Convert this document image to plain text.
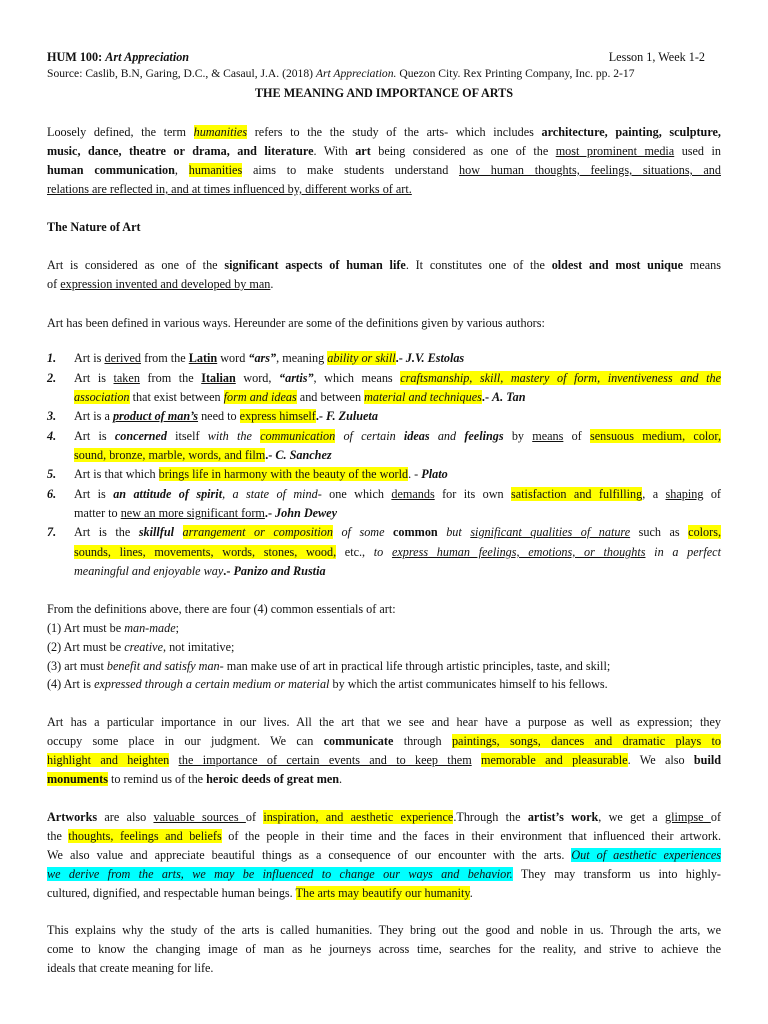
HUM 100: Art Appreciation	Lesson 1, Week 1-2
Source: Caslib, B.N, Garing, D.C., & Casaul, J.A. (2018) Art Appreciation. Quezon City. Rex Printing Company, Inc. pp. 2-17
THE MEANING AND IMPORTANCE OF ARTS
Loosely defined, the term humanities refers to the the study of the arts- which includes architecture, painting, sculpture,
music, dance, theatre or drama, and literature. With art being considered as one of the most prominent media used in
human communication, humanities aims to make students understand how human thoughts, feelings, situations, and
relations are reflected in, and at times influenced by, different works of art.
The Nature of Art
Art is considered as one of the significant aspects of human life. It constitutes one of the oldest and most unique means
of expression invented and developed by man.
Art has been defined in various ways. Hereunder are some of the definitions given by various authors:
1. Art is derived from the Latin word “ars”, meaning ability or skill.- J.V. Estolas
2. Art is taken from the Italian word, “artis”, which means craftsmanship, skill, mastery of form, inventiveness and the
association that exist between form and ideas and between material and techniques.- A. Tan
3. Art is a product of man’s need to express himself.- F. Zulueta
4. Art is concerned itself with the communication of certain ideas and feelings by means of sensuous medium, color,
sound, bronze, marble, words, and film.- C. Sanchez
5. Art is that which brings life in harmony with the beauty of the world. - Plato
6. Art is an attitude of spirit, a state of mind- one which demands for its own satisfaction and fulfilling, a shaping of
matter to new an more significant form.- John Dewey
7. Art is the skillful arrangement or composition of some common but significant qualities of nature such as colors,
sounds, lines, movements, words, stones, wood, etc., to express human feelings, emotions, or thoughts in a perfect
meaningful and enjoyable way.- Panizo and Rustia
From the definitions above, there are four (4) common essentials of art:
(1) Art must be man-made;
(2) Art must be creative, not imitative;
(3) art must benefit and satisfy man- man make use of art in practical life through artistic principles, taste, and skill;
(4) Art is expressed through a certain medium or material by which the artist communicates himself to his fellows.
Art has a particular importance in our lives. All the art that we see and hear have a purpose as well as expression; they
occupy some place in our judgment. We can communicate through paintings, songs, dances and dramatic plays to
highlight and heighten the importance of certain events and to keep them memorable and pleasurable. We also build
monuments to remind us of the heroic deeds of great men.
Artworks are also valuable sources of inspiration, and aesthetic experience.Through the artist’s work, we get a glimpse of
the thoughts, feelings and beliefs of the people in their time and the faces in their environment that influenced their artwork.
We also value and appreciate beautiful things as a consequence of our encounter with the arts. Out of aesthetic experiences
we derive from the arts, we may be influenced to change our ways and behavior. They may transform us into highly-
cultured, dignified, and respectable human beings. The arts may beautify our humanity.
This explains why the study of the arts is called humanities. They bring out the good and noble in us. Through the arts, we
come to know the changing image of man as he journeys across time, searches for the reality, and strive to achieve the
ideals that create meaning for life.
